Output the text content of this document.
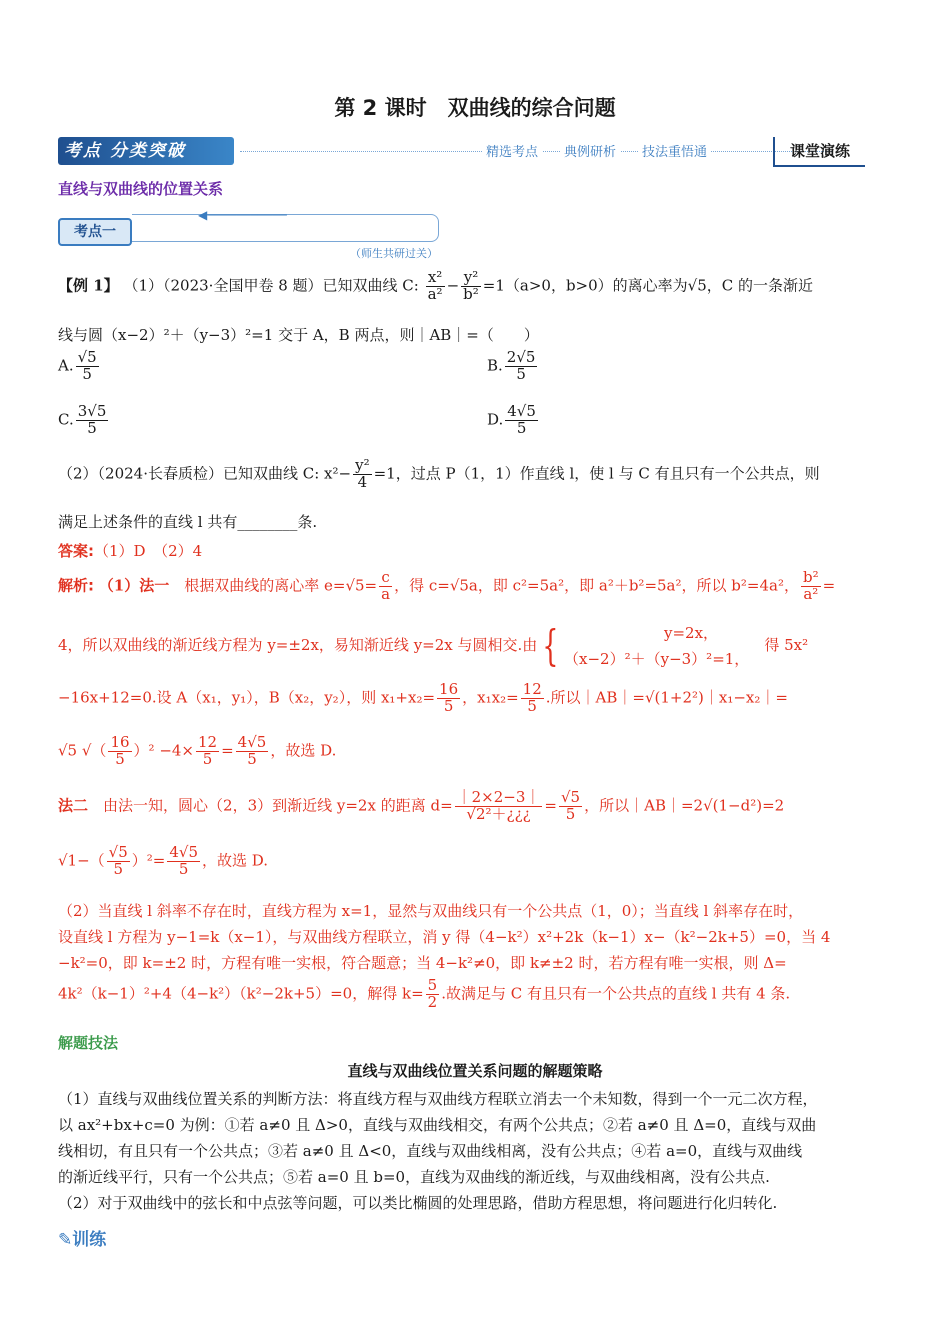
第 2 课时　双曲线的综合问题
考点 分类突破	精选考点	典例研析	技法重悟通	课堂演练
直线与双曲线的位置关系
考点一
◀───────────
（师生共研过关）
【例 1】 （1）（2023·全国甲卷 8 题）已知双曲线 C: $\frac{\text{x²}}{\text{a²}} - \frac{\text{y²}}{\text{b²}} =1(a>0$，b>0）的离心率为√5，C 的一条渐近
线与圆（x−2）²＋（y−3）²=1 交于 A，B 两点，则｜AB｜=（　　）
A. $\frac{√5}{5}$	B. $\frac{2√5}{5}$
C. $\frac{3√5}{5}$	D. $\frac{4√5}{5}$
（2）（2024·长春质检）已知双曲线 C: $x^2- \frac{\text{y²}}{4} =1$，过点 P（1，1）作直线 l，使 l 与 C 有且只有一个公共点，则
满足上述条件的直线 l 共有________条.
答案:（1）D　（2）4
解析: （1）法一　 根据双曲线的离心率 $e=√5= \frac{c}{a}$ ，得 c=√5a，即 c²=5a²，即 a²＋b²=5a²，所以 b²=4a²， $\frac{\text{b²}}{\text{a²}}$ =
4，所以双曲线的渐近线方程为 y=±2x，易知渐近线 y=2x 与圆相交.由 {	y=2x，
（x−2）²＋（y−3）²=1，
　得 5x²
−16x+12=0.设 A（x₁，y₁），B（x₂，y₂），则 $x_1+x_2= \frac{16}{5}$ ，$x_1x_2= \frac{12}{5}$ .所以｜AB｜=√(1+2²)｜x₁−x₂｜=
√5 √（ $\frac{16}{5} )^2 -4\times \frac{12}{5} = \frac{4√5}{5}$ ，故选 D.
法二　 由法一知，圆心（2，3）到渐近线 y=2x 的距离 $d= \frac{|2\times 2-3|}{\text{√2²＋¿¿¿}} = \frac{√5}{5}$ ，所以｜AB｜=2√(1−d²)=2
$√1-( \frac{√5}{5} )^2= \frac{4√5}{5}$ ，故选 D.
（2）当直线 l 斜率不存在时，直线方程为 x=1，显然与双曲线只有一个公共点（1，0）；当直线 l 斜率存在时，
设直线 l 方程为 y−1=k（x−1），与双曲线方程联立，消 y 得（4−k²）x²+2k（k−1）x−（k²−2k+5）=0，当 4
−k²=0，即 k=±2 时，方程有唯一实根，符合题意；当 4−k²≠0，即 k≠±2 时，若方程有唯一实根，则 Δ=
4k²（k−1）²+4（4−k²）（k²−2k+5）=0，解得 $k= \frac{5}{2}$ .故满足与 C 有且只有一个公共点的直线 l 共有 4 条.
解题技法
直线与双曲线位置关系问题的解题策略
（1）直线与双曲线位置关系的判断方法：将直线方程与双曲线方程联立消去一个未知数，得到一个一元二次方程，
以 ax²+bx+c=0 为例：①若 a≠0 且 Δ>0，直线与双曲线相交，有两个公共点；②若 a≠0 且 Δ=0，直线与双曲
线相切，有且只有一个公共点；③若 a≠0 且 Δ<0，直线与双曲线相离，没有公共点；④若 a=0，直线与双曲线
的渐近线平行，只有一个公共点；⑤若 a=0 且 b=0，直线为双曲线的渐近线，与双曲线相离，没有公共点.
（2）对于双曲线中的弦长和中点弦等问题，可以类比椭圆的处理思路，借助方程思想，将问题进行化归转化.
✎训练
